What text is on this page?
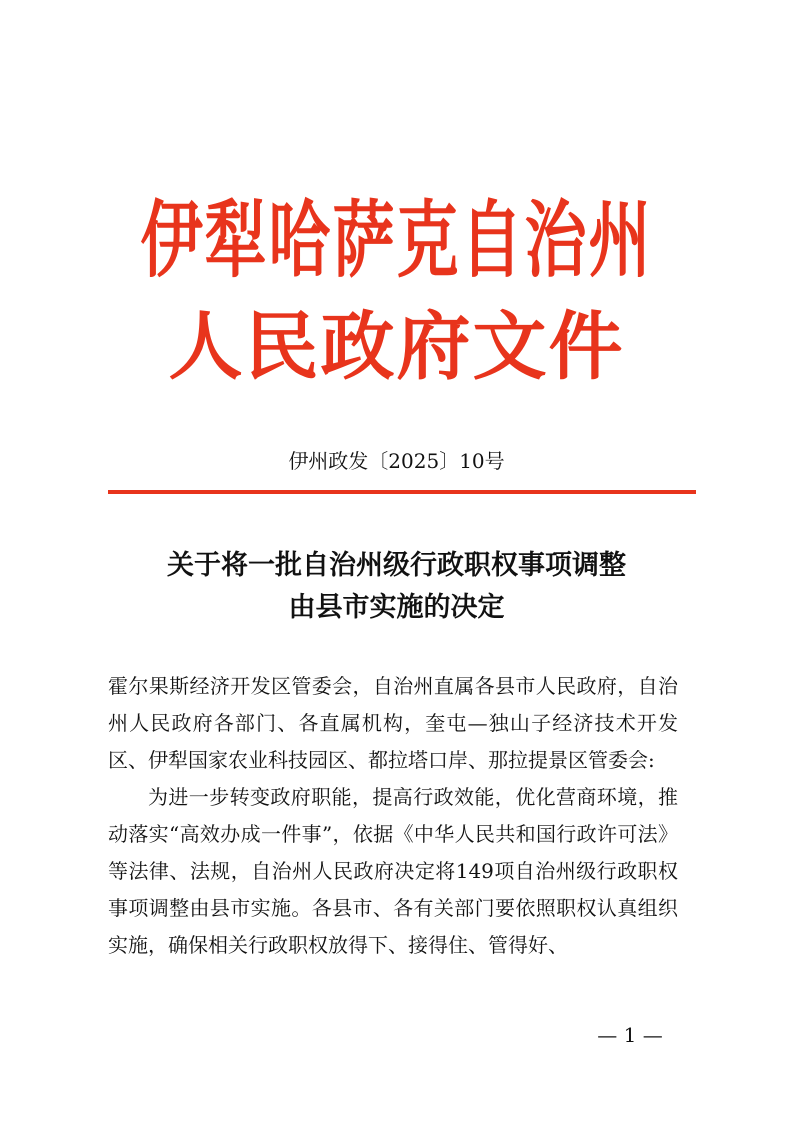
伊犁哈萨克自治州
人民政府文件
伊州政发〔2025〕10号
关于将一批自治州级行政职权事项调整
由县市实施的决定

霍尔果斯经济开发区管委会，自治州直属各县市人民政府，自治州人民政府各部门、各直属机构，奎屯—独山子经济技术开发区、伊犁国家农业科技园区、都拉塔口岸、那拉提景区管委会:

为进一步转变政府职能，提高行政效能，优化营商环境，推动落实“高效办成一件事”，依据《中华人民共和国行政许可法》等法律、法规，自治州人民政府决定将149项自治州级行政职权事项调整由县市实施。各县市、各有关部门要依照职权认真组织实施，确保相关行政职权放得下、接得住、管得好、

— 1 —
